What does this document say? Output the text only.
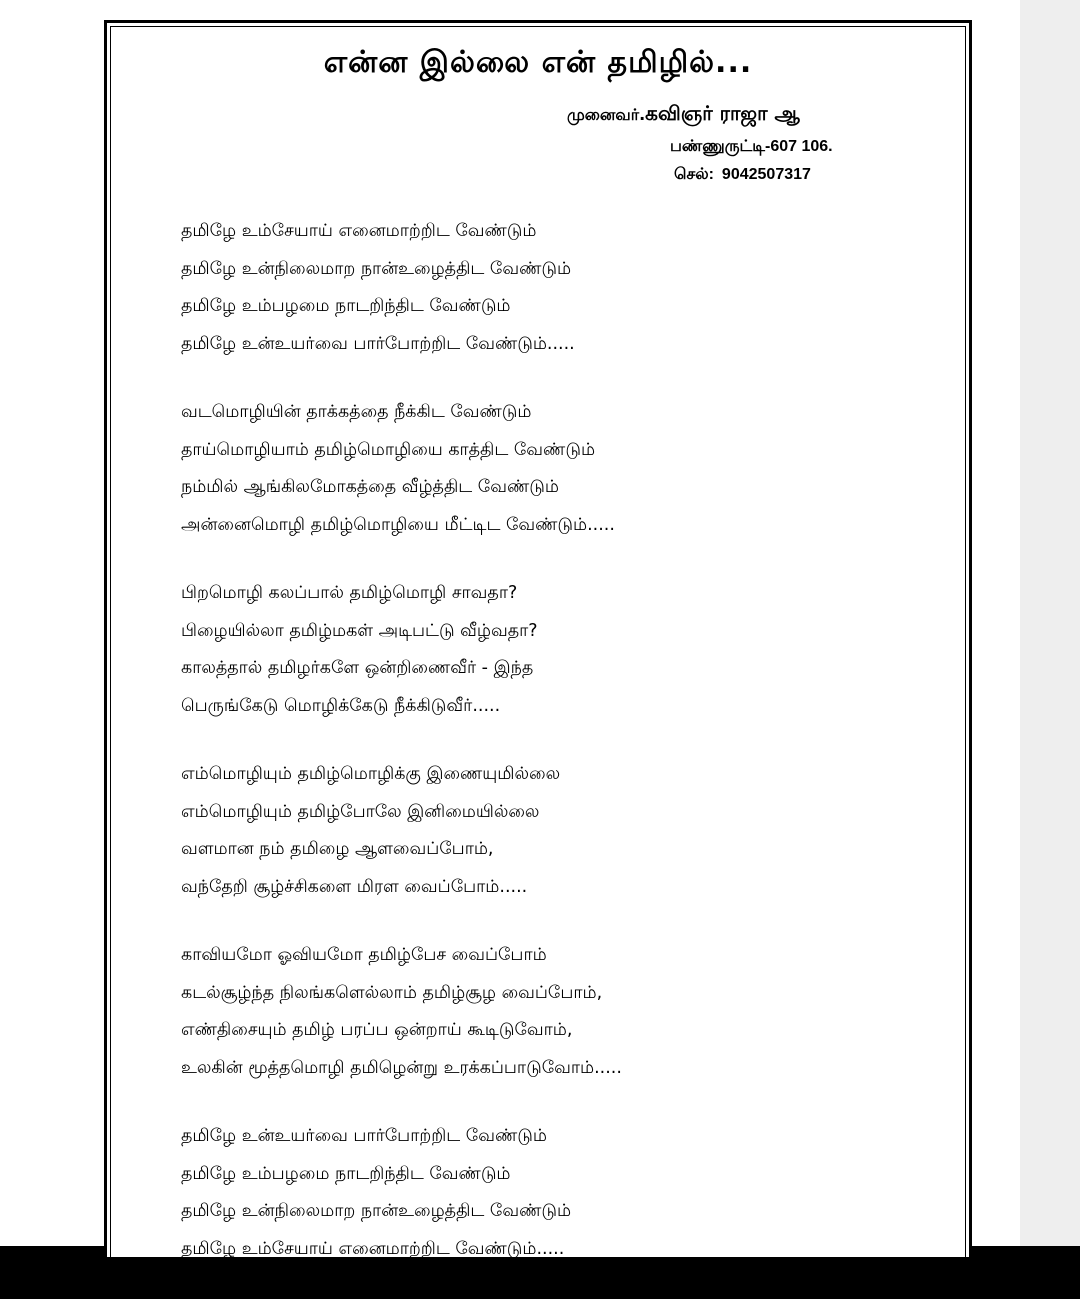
என்ன இல்லை என் தமிழில்...
முனைவர்.கவிஞர் ராஜா ஆ
பண்ணுருட்டி-607 106.
செல்: 9042507317
தமிழே உம்சேயாய் எனைமாற்றிட வேண்டும்
தமிழே உன்நிலைமாற நான்உழைத்திட வேண்டும்
தமிழே உம்பழமை நாடறிந்திட வேண்டும்
தமிழே உன்உயர்வை பார்போற்றிட வேண்டும்.....
வடமொழியின் தாக்கத்தை நீக்கிட வேண்டும்
தாய்மொழியாம் தமிழ்மொழியை காத்திட வேண்டும்
நம்மில் ஆங்கிலமோகத்தை வீழ்த்திட வேண்டும்
அன்னைமொழி தமிழ்மொழியை மீட்டிட வேண்டும்.....
பிறமொழி கலப்பால் தமிழ்மொழி சாவதா?
பிழையில்லா தமிழ்மகள் அடிபட்டு வீழ்வதா?
காலத்தால் தமிழர்களே ஒன்றிணைவீர் - இந்த
பெருங்கேடு மொழிக்கேடு நீக்கிடுவீர்.....
எம்மொழியும் தமிழ்மொழிக்கு இணையுமில்லை
எம்மொழியும் தமிழ்போலே இனிமையில்லை
வளமான நம் தமிழை ஆளவைப்போம்,
வந்தேறி சூழ்ச்சிகளை மிரள வைப்போம்.....
காவியமோ ஓவியமோ தமிழ்பேச வைப்போம்
கடல்சூழ்ந்த நிலங்களெல்லாம் தமிழ்சூழ வைப்போம்,
எண்திசையும் தமிழ் பரப்ப ஒன்றாய் கூடிடுவோம்,
உலகின் மூத்தமொழி தமிழென்று உரக்கப்பாடுவோம்.....
தமிழே உன்உயர்வை பார்போற்றிட வேண்டும்
தமிழே உம்பழமை நாடறிந்திட வேண்டும்
தமிழே உன்நிலைமாற நான்உழைத்திட வேண்டும்
தமிழே உம்சேயாய் எனைமாற்றிட வேண்டும்.....
